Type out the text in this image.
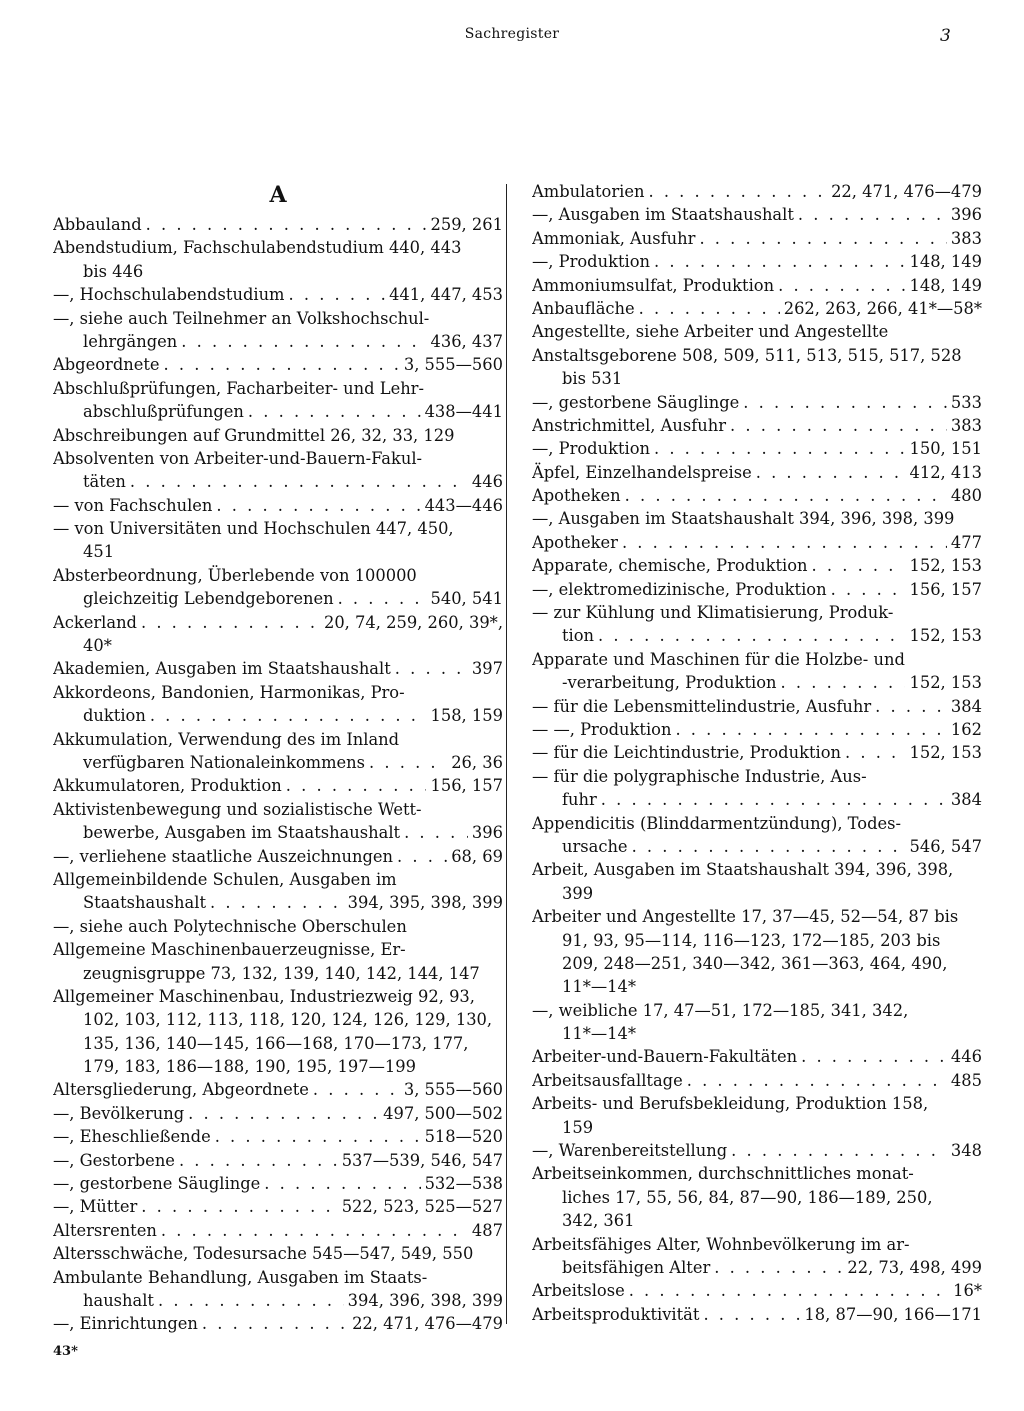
Sachregister	3
A
Abbauland . . .	259, 261
Abendstudium, Fachschulabendstudium 440, 443
bis 446
—, Hochschulabendstudium . . .	441, 447, 453
—, siehe auch Teilnehmer an Volkshochschul-
lehrgängen . . .	436, 437
Abgeordnete . . .	3, 555—560
Abschlußprüfungen, Facharbeiter- und Lehr-
abschlußprüfungen . . .	438—441
Abschreibungen auf Grundmittel 26, 32, 33, 129
Absolventen von Arbeiter-und-Bauern-Fakul-
täten . . .	446
— von Fachschulen . . .	443—446
— von Universitäten und Hochschulen 447, 450,
451
Absterbeordnung, Überlebende von 100000
gleichzeitig Lebendgeborenen . . .	540, 541
Ackerland . . .	20, 74, 259, 260, 39*,
40*
Akademien, Ausgaben im Staatshaushalt . . .	397
Akkordeons, Bandonien, Harmonikas, Pro-
duktion . . .	158, 159
Akkumulation, Verwendung des im Inland
verfügbaren Nationaleinkommens . . .	26, 36
Akkumulatoren, Produktion . . .	156, 157
Aktivistenbewegung und sozialistische Wett-
bewerbe, Ausgaben im Staatshaushalt . . .	396
—, verliehene staatliche Auszeichnungen . . .	68, 69
Allgemeinbildende Schulen, Ausgaben im
Staatshaushalt . . .	394, 395, 398, 399
—, siehe auch Polytechnische Oberschulen
Allgemeine Maschinenbauerzeugnisse, Er-
zeugnisgruppe 73, 132, 139, 140, 142, 144, 147
Allgemeiner Maschinenbau, Industriezweig 92, 93,
102, 103, 112, 113, 118, 120, 124, 126, 129, 130,
135, 136, 140—145, 166—168, 170—173, 177,
179, 183, 186—188, 190, 195, 197—199
Altersgliederung, Abgeordnete . . .	3, 555—560
—, Bevölkerung . . .	497, 500—502
—, Eheschließende . . .	518—520
—, Gestorbene . . .	537—539, 546, 547
—, gestorbene Säuglinge . . .	532—538
—, Mütter . . .	522, 523, 525—527
Altersrenten . . .	487
Altersschwäche, Todesursache 545—547, 549, 550
Ambulante Behandlung, Ausgaben im Staats-
haushalt . . .	394, 396, 398, 399
—, Einrichtungen . . .	22, 471, 476—479
Ambulatorien . . .	22, 471, 476—479
—, Ausgaben im Staatshaushalt . . .	396
Ammoniak, Ausfuhr . . .	383
—, Produktion . . .	148, 149
Ammoniumsulfat, Produktion . . .	148, 149
Anbaufläche . . .	262, 263, 266, 41*—58*
Angestellte, siehe Arbeiter und Angestellte
Anstaltsgeborene 508, 509, 511, 513, 515, 517, 528
bis 531
—, gestorbene Säuglinge . . .	533
Anstrichmittel, Ausfuhr . . .	383
—, Produktion . . .	150, 151
Äpfel, Einzelhandelspreise . . .	412, 413
Apotheken . . .	480
—, Ausgaben im Staatshaushalt 394, 396, 398, 399
Apotheker . . .	477
Apparate, chemische, Produktion . . .	152, 153
—, elektromedizinische, Produktion . . .	156, 157
— zur Kühlung und Klimatisierung, Produk-
tion . . .	152, 153
Apparate und Maschinen für die Holzbe- und
-verarbeitung, Produktion . . .	152, 153
— für die Lebensmittelindustrie, Ausfuhr . . .	384
— —, Produktion . . .	162
— für die Leichtindustrie, Produktion . . .	152, 153
— für die polygraphische Industrie, Aus-
fuhr . . .	384
Appendicitis (Blinddarmentzündung), Todes-
ursache . . .	546, 547
Arbeit, Ausgaben im Staatshaushalt 394, 396, 398,
399
Arbeiter und Angestellte 17, 37—45, 52—54, 87 bis
91, 93, 95—114, 116—123, 172—185, 203 bis
209, 248—251, 340—342, 361—363, 464, 490,
11*—14*
—, weibliche 17, 47—51, 172—185, 341, 342,
11*—14*
Arbeiter-und-Bauern-Fakultäten . . .	446
Arbeitsausfalltage . . .	485
Arbeits- und Berufsbekleidung, Produktion 158,
159
—, Warenbereitstellung . . .	348
Arbeitseinkommen, durchschnittliches monat-
liches 17, 55, 56, 84, 87—90, 186—189, 250,
342, 361
Arbeitsfähiges Alter, Wohnbevölkerung im ar-
beitsfähigen Alter . . .	22, 73, 498, 499
Arbeitslose . . .	16*
Arbeitsproduktivität . . .	18, 87—90, 166—171
43*
